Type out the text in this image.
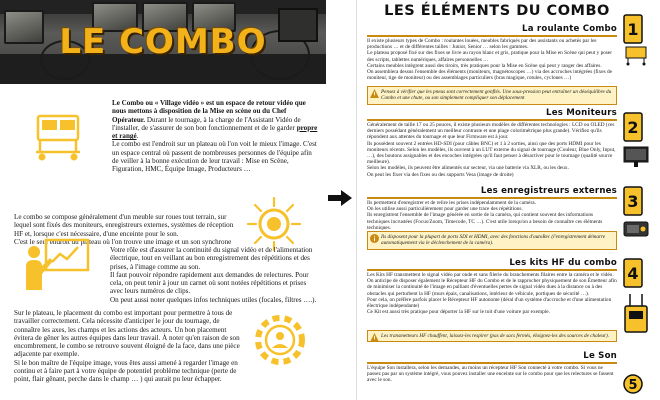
LE COMBO
Le Combo ou « Village vidéo » est un espace de retour vidéo que nous mettons à disposition de la Mise en scène ou du Chef Opérateur. Durant le tournage, à la charge de l'Assistant Vidéo de l'installer, de s'assurer de son bon fonctionnement et de le garder propre et rangé.
Le combo est l'endroit sur un plateau où l'on voit le mieux l'image. C'est un espace central où passent de nombreuses personnes de l'équipe afin de veiller à la bonne exécution de leur travail : Mise en Scène, Figuration, HMC, Équipe Image, Producteurs …
Le combo se compose généralement d'un meuble sur roues tout terrain, sur lequel sont fixés des moniteurs, enregistreurs externes, systèmes de réception HF et, lorsque c'est nécessaire, d'une enceinte pour le son.
C'est le seul endroit du plateau où l'on trouve une image et un son synchrone
Votre rôle est d'assurer la continuité du signal vidéo et de l'alimentation électrique, tout en veillant au bon enregistrement des répétitions et des prises, à l'image comme au son.
Il faut pouvoir répondre rapidement aux demandes de relectures. Pour cela, on peut tenir à jour un carnet où sont notées répétitions et prises avec leurs numéros de clips.
On peut aussi noter quelques infos techniques utiles (focales, filtres ….).
Sur le plateau, le placement du combo est important pour permettre à tous de travailler correctement. Cela nécessite d'anticiper le jour du tournage, de connaître les axes, les champs et les actions des acteurs. Un bon placement évitera de gêner les autres équipes dans leur travail. À noter qu'en raison de son encombrement, le combo se retrouve souvent éloigné de la face, dans une pièce adjacente par exemple.
Si le bon maître de l'équipe image, vous êtes aussi amené à regarder l'image en continu et à faire part à votre équipe de potentiel problème technique (perte de point, flair gênant, perche dans le champ … ) qui aurait pu leur échapper.
LES ÉLÉMENTS DU COMBO
La roulante Combo
Il existe plusieurs types de Combo : roulantes louées, meubles fabriqués par des assistants ou achetés par les productions … et de différentes tailles : Junior, Senior … selon les gammes.
Le plateau proposé fixé sur des fixes se livre au rayon blanc et gris, pratique pour la Mise en Scène qui peut y poser des scripts, tablettes numériques, affaires personnelles …
Certains meubles intègrent aussi des tiroirs, très pratiques pour la Mise en Scène qui peut y ranger des affaires.
On assemblera dessus l'ensemble des éléments (moniteurs, magnétoscopes …) via des accroches intégrées (fixes de moniteur, tige de moniteur) ou des assemblages particuliers (bras magique, rotules, cyclones …)
Pensez à vérifier que les pneus sont correctement gonflés. Une sous-pression peut entraîner un déséquilibre du Combo et une chute, ou son simplement compliquer son déplacement
Les Moniteurs
Généralement de taille 17 ou 25 pouces, il existe plusieurs modèles de différentes technologies : LCD ou OLED (ces derniers possédant généralement un meilleur contraste et une plage colorimétrique plus grande). Vérifiez qu'ils répondent aux attentes du tournage et que leur Firmware est à jour.
Ils possèdent souvent 2 entrées HD-SDI (pour câbles BNC) et 1 à 2 sorties, ainsi que des ports HDMI pour les moniteurs récents. Selon les modèles, ils ouvrent à un LUT externe du signal de tournage (Couleur, Blue Only, Input, …), des boutons assignables et des encoches intégrées qu'il faut penser à désactiver pour le tournage (qualité source meilleure).
Selon les modèles, ils peuvent être alimentés sur secteur, via une batterie via XLR, ou les deux.
On peut les fixer via des fixes ou des supports Vesa (image de droite)
Les enregistreurs externes
Ils permettent d'enregistrer et de relire les prises indépendamment de la caméra.
On les utilise aussi particulièrement pour garder une trace des répétitions.
Ils enregistrent l'ensemble de l'image générée en sortie de la caméra, qui contient souvent des informations techniques incrustées (Focus/Zoom, Timecode, TC …). C'est utile lorsqu'on a besoin de connaître ces éléments techniques.
Ils disposent pour la plupart de ports SDI et HDMI, avec des fonctions d'autoRec (l'enregistrement démarre automatiquement via le déclenchement de la caméra).
Les kits HF du combo
Les Kits HF transmettent le signal vidéo par onde et sans filerie du branchements filaires entre la caméra et le vidéo.
On anticipe de disposer également le Récepteur HF du Combo et de le rapprocher physiquement de son Émetteur afin de minimiser la continuité de l'image en palliant d'éventuelles pertes de signal vidéo dues à la distance ou à des obstacles qui perturbent la HF (murs épais, canalisations, intérieur de véhicule, portiques de sécurité …).
Pour cela, on préfère parfois placer le Récepteur HF autonome (déral d'un système d'accroche et d'une alimentation électrique indépendante)
Ce Kit est aussi très pratique pour déporter la HF sur le toit d'une voiture par exemple.
Les transmetteurs HF chauffent, laissez-les respirer (pas de sacs fermés, éloignez-les des sources de chaleur).
Le Son
L'équipe Son installera, selon les demandes, au moins un récepteur HF Son connecté à votre combo. Si vous ne passez pas par un système intégré, vous pouvez installer une enceinte sur le combo pour que les relectures se fassent avec le son.
1
2
3
4
5
